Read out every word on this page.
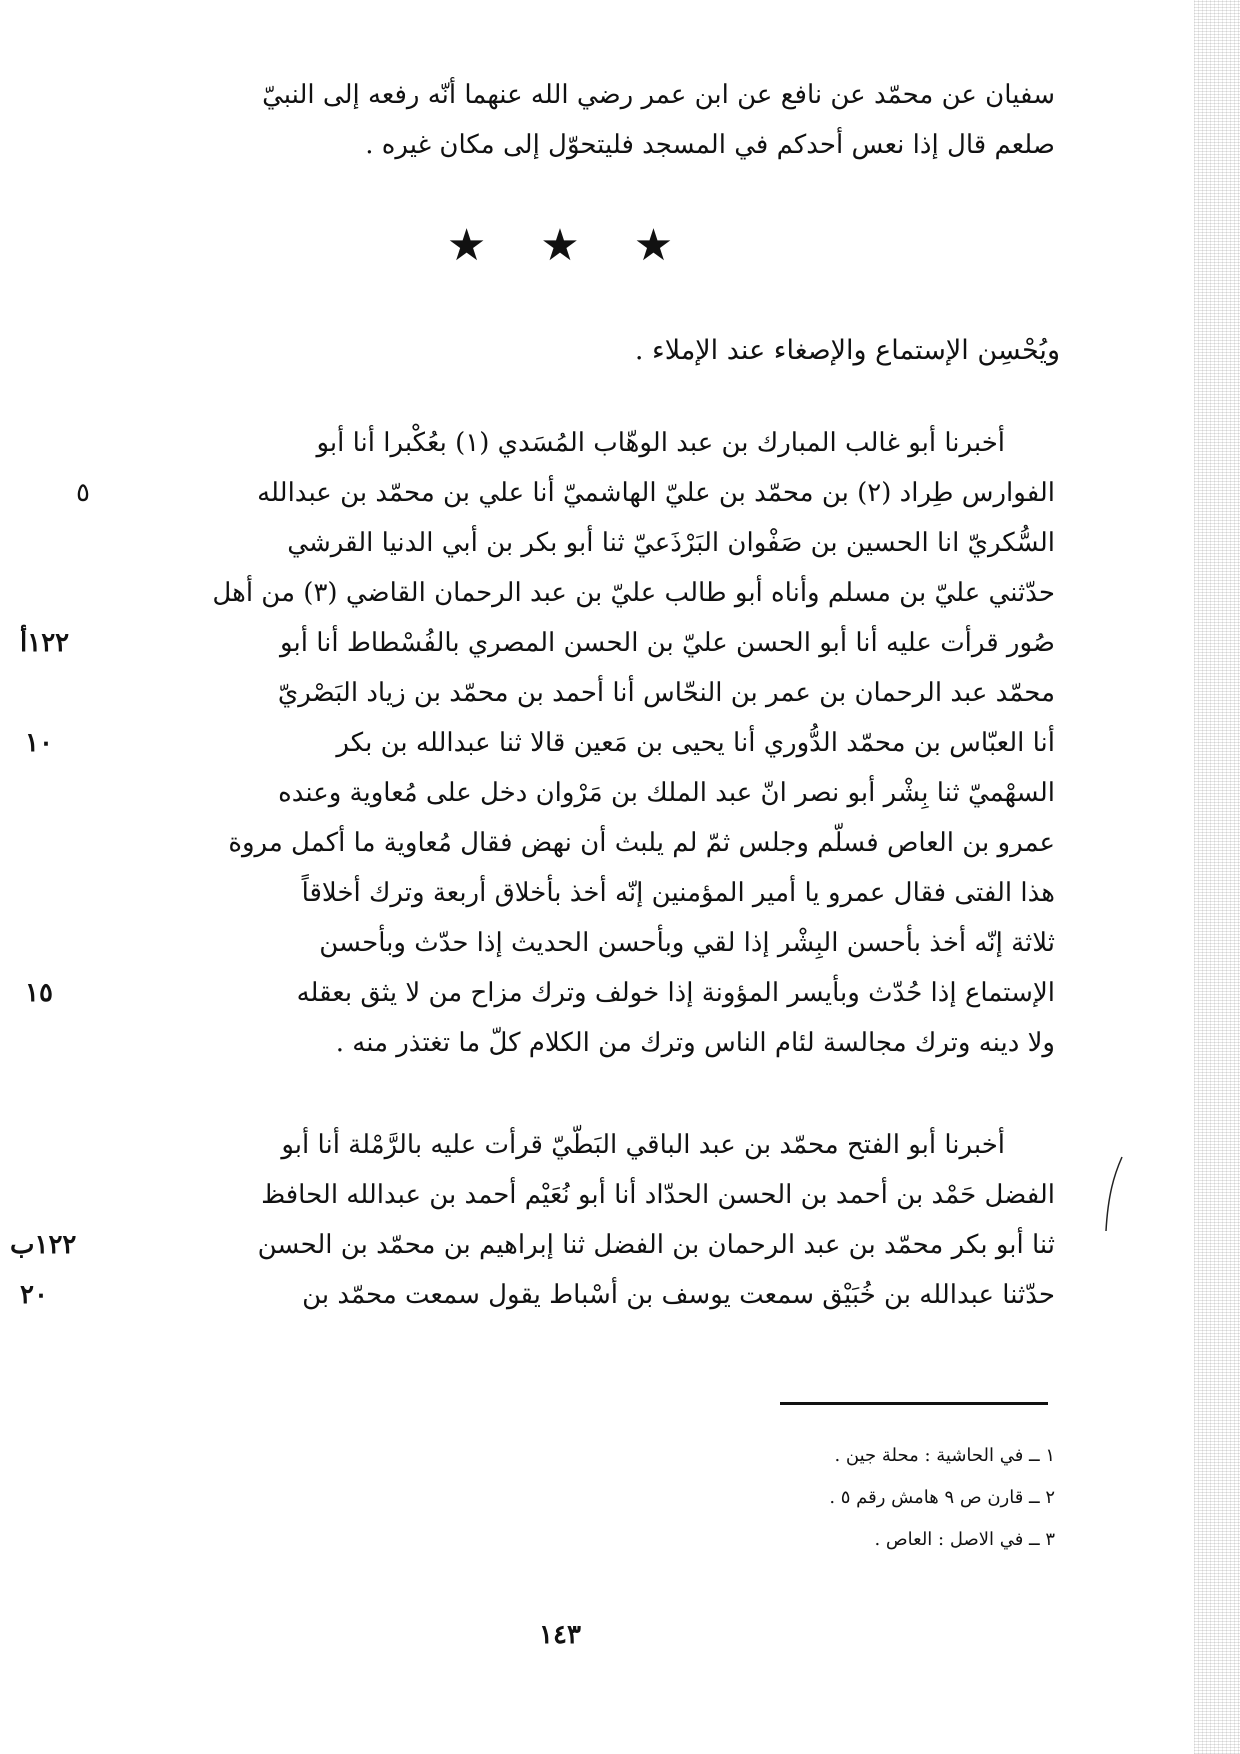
سفيان عن محمّد عن نافع عن ابن عمر رضي الله عنهما أنّه رفعه إلى النبيّ
صلعم قال إذا نعس أحدكم في المسجد فليتحوّل إلى مكان غيره .
★ ★ ★
ويُحْسِن الإستماع والإصغاء عند الإملاء .
أخبرنا أبو غالب المبارك بن عبد الوهّاب المُسَدي (١) بعُكْبرا أنا أبو
الفوارس طِراد (٢) بن محمّد بن عليّ الهاشميّ أنا علي بن محمّد بن عبدالله
السُّكريّ انا الحسين بن صَفْوان البَرْذَعيّ ثنا أبو بكر بن أبي الدنيا القرشي
حدّثني عليّ بن مسلم وأناه أبو طالب عليّ بن عبد الرحمان القاضي (٣) من أهل
صُور قرأت عليه أنا أبو الحسن عليّ بن الحسن المصري بالفُسْطاط أنا أبو
محمّد عبد الرحمان بن عمر بن النحّاس أنا أحمد بن محمّد بن زياد البَصْريّ
أنا العبّاس بن محمّد الدُّوري أنا يحيى بن مَعين قالا ثنا عبدالله بن بكر
السهْميّ ثنا بِشْر أبو نصر انّ عبد الملك بن مَرْوان دخل على مُعاوية وعنده
عمرو بن العاص فسلّم وجلس ثمّ لم يلبث أن نهض فقال مُعاوية ما أكمل مروة
هذا الفتى فقال عمرو يا أمير المؤمنين إنّه أخذ بأخلاق أربعة وترك أخلاقاً
ثلاثة إنّه أخذ بأحسن البِشْر إذا لقي وبأحسن الحديث إذا حدّث وبأحسن
الإستماع إذا حُدّث وبأيسر المؤونة إذا خولف وترك مزاح من لا يثق بعقله
ولا دينه وترك مجالسة لئام الناس وترك من الكلام كلّ ما تغتذر منه .
٥
١٢٢أ
١٠
١٥
أخبرنا أبو الفتح محمّد بن عبد الباقي البَطّيّ قرأت عليه بالرَّمْلة أنا أبو
الفضل حَمْد بن أحمد بن الحسن الحدّاد أنا أبو نُعَيْم أحمد بن عبدالله الحافظ
ثنا أبو بكر محمّد بن عبد الرحمان بن الفضل ثنا إبراهيم بن محمّد بن الحسن
حدّثنا عبدالله بن خُبَيْق سمعت يوسف بن أسْباط يقول سمعت محمّد بن
١٢٢ب
٢٠
١ ــ في الحاشية : محلة جين .
٢ ــ قارن ص ٩ هامش رقم ٥ .
٣ ــ في الاصل : العاص .
١٤٣
